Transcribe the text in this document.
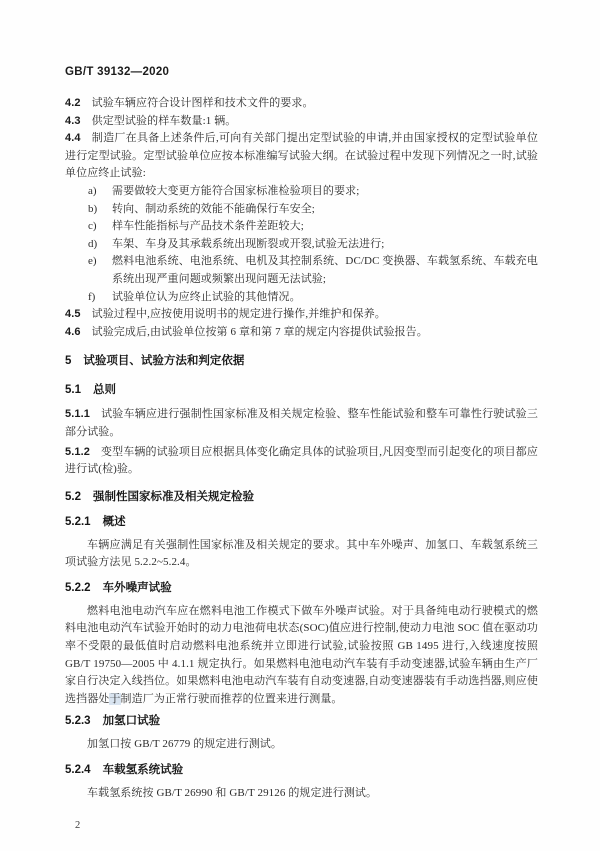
GB/T 39132—2020
4.2 试验车辆应符合设计图样和技术文件的要求。
4.3 供定型试验的样车数量:1 辆。
4.4 制造厂在具备上述条件后,可向有关部门提出定型试验的申请,并由国家授权的定型试验单位进行定型试验。定型试验单位应按本标准编写试验大纲。在试验过程中发现下列情况之一时,试验单位应终止试验:
a)	需要做较大变更方能符合国家标准检验项目的要求;
b)	转向、制动系统的效能不能确保行车安全;
c)	样车性能指标与产品技术条件差距较大;
d)	车架、车身及其承载系统出现断裂或开裂,试验无法进行;
e)	燃料电池系统、电池系统、电机及其控制系统、DC/DC 变换器、车载氢系统、车载充电系统出现严重问题或频繁出现问题无法试验;
f)	试验单位认为应终止试验的其他情况。
4.5 试验过程中,应按使用说明书的规定进行操作,并维护和保养。
4.6 试验完成后,由试验单位按第 6 章和第 7 章的规定内容提供试验报告。
5 试验项目、试验方法和判定依据
5.1 总则
5.1.1 试验车辆应进行强制性国家标准及相关规定检验、整车性能试验和整车可靠性行驶试验三部分试验。
5.1.2 变型车辆的试验项目应根据具体变化确定具体的试验项目,凡因变型而引起变化的项目都应进行试(检)验。
5.2 强制性国家标准及相关规定检验
5.2.1 概述
车辆应满足有关强制性国家标准及相关规定的要求。其中车外噪声、加氢口、车载氢系统三项试验方法见 5.2.2~5.2.4。
5.2.2 车外噪声试验
燃料电池电动汽车应在燃料电池工作模式下做车外噪声试验。对于具备纯电动行驶模式的燃料电池电动汽车试验开始时的动力电池荷电状态(SOC)值应进行控制,使动力电池 SOC 值在驱动功率不受限的最低值时启动燃料电池系统并立即进行试验,试验按照 GB 1495 进行,入线速度按照 GB/T 19750—2005 中 4.1.1 规定执行。如果燃料电池电动汽车装有手动变速器,试验车辆由生产厂家自行决定入线挡位。如果燃料电池电动汽车装有自动变速器,自动变速器装有手动选挡器,则应使选挡器处于制造厂为正常行驶而推荐的位置来进行测量。
5.2.3 加氢口试验
加氢口按 GB/T 26779 的规定进行测试。
5.2.4 车载氢系统试验
车载氢系统按 GB/T 26990 和 GB/T 29126 的规定进行测试。
2
